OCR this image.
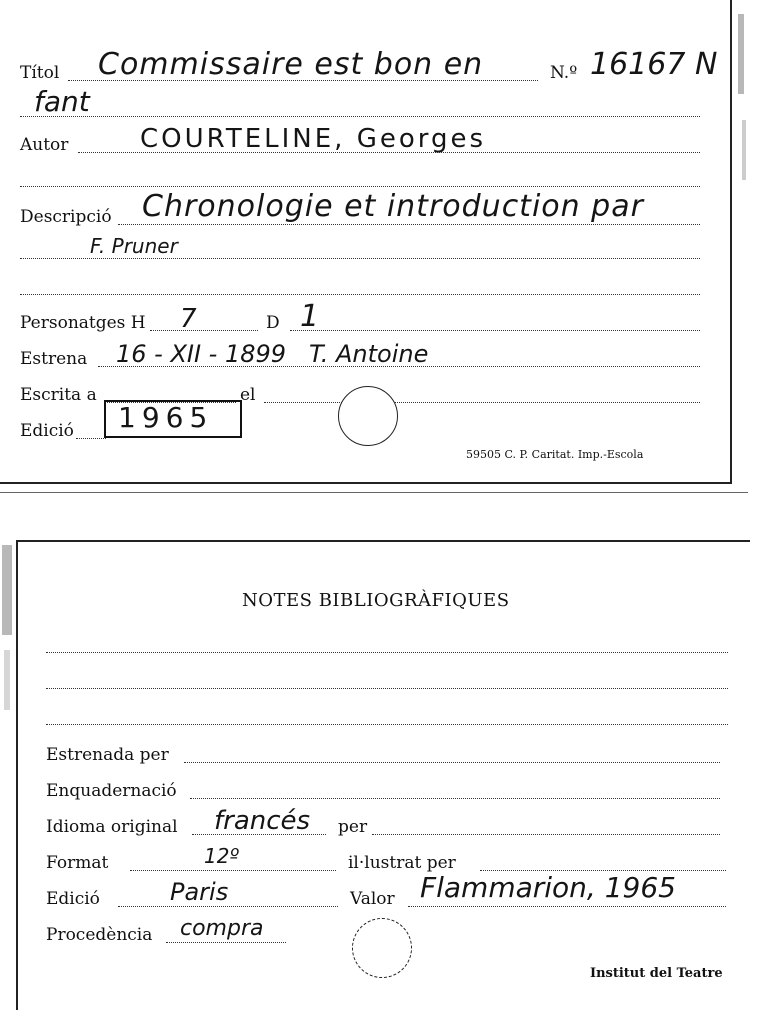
Títol Commissaire est bon en	N.º 16167 N
fant
Autor	COURTELINE, Georges
Descripció Chronologie et introduction par
F. Pruner
Personatges H 7	D 1
Estrena 16 - XII - 1899   T. Antoine
Escrita a	el
Edició 1965
59505 C. P. Caritat. Imp.-Escola
NOTES BIBLIOGRÀFIQUES
Estrenada per
Enquadernació
Idioma original francés per
Format	12º	il·lustrat per
Edició	Paris	Valor Flammarion, 1965
Procedència compra
Institut del Teatre
